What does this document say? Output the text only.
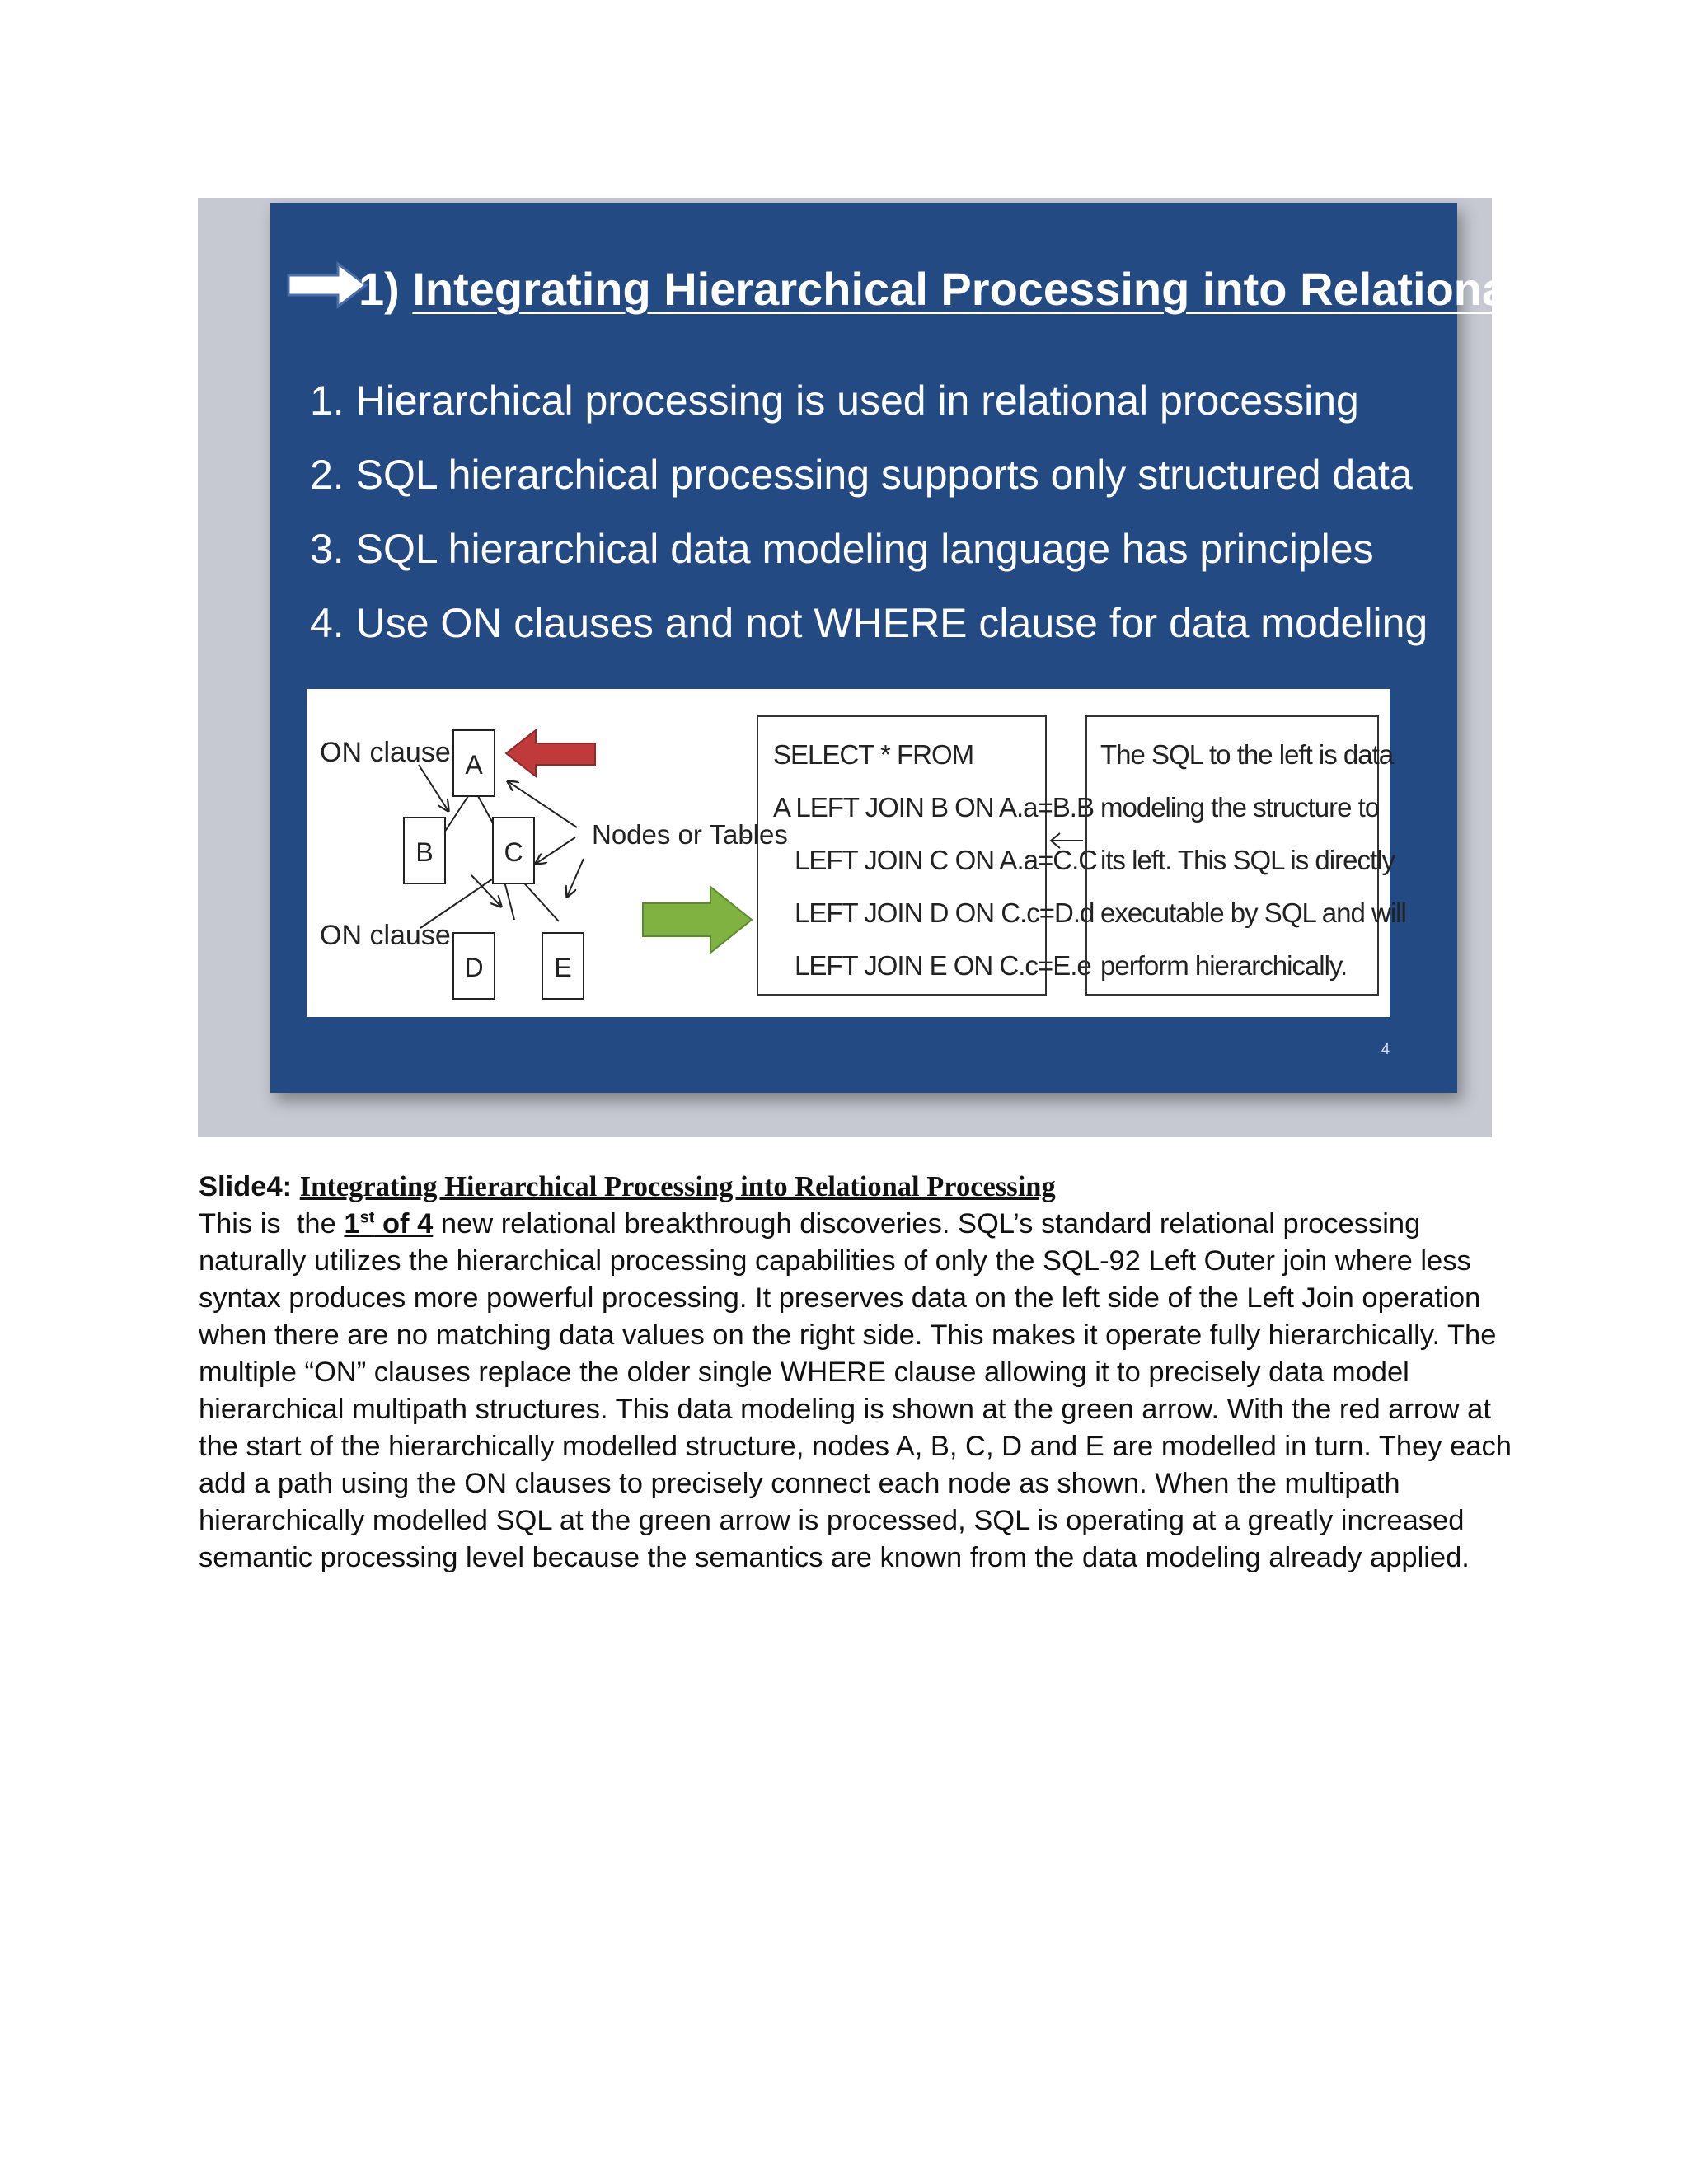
1) Integrating Hierarchical Processing into Relational
1. Hierarchical processing is used in relational processing
2. SQL hierarchical processing supports only structured data
3. SQL hierarchical data modeling language has principles
4. Use ON clauses and not WHERE clause for data modeling
ON clause
ON clause
A
B	C
D	E
Nodes or Tables
SELECT * FROM
A LEFT JOIN B ON A.a=B.B
LEFT JOIN C ON A.a=C.C
LEFT JOIN D ON C.c=D.d
LEFT JOIN E ON C.c=E.e
The SQL to the left is data
modeling the structure to
its left. This SQL is directly
executable by SQL and will
perform hierarchically.
4
Slide4: Integrating Hierarchical Processing into Relational Processing
This is  the 1st of 4 new relational breakthrough discoveries. SQL’s standard relational processing
naturally utilizes the hierarchical processing capabilities of only the SQL-92 Left Outer join where less
syntax produces more powerful processing. It preserves data on the left side of the Left Join operation
when there are no matching data values on the right side. This makes it operate fully hierarchically. The
multiple “ON” clauses replace the older single WHERE clause allowing it to precisely data model
hierarchical multipath structures. This data modeling is shown at the green arrow. With the red arrow at
the start of the hierarchically modelled structure, nodes A, B, C, D and E are modelled in turn. They each
add a path using the ON clauses to precisely connect each node as shown. When the multipath
hierarchically modelled SQL at the green arrow is processed, SQL is operating at a greatly increased
semantic processing level because the semantics are known from the data modeling already applied.
